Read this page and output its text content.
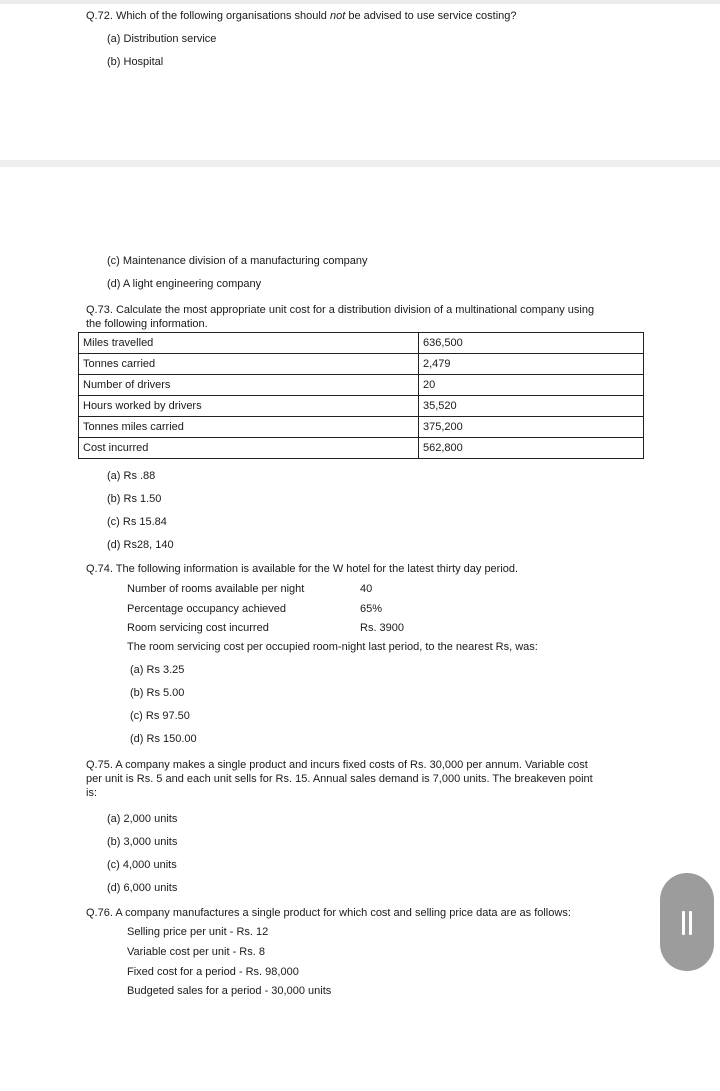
Q.72. Which of the following organisations should not be advised to use service costing?
(a) Distribution service
(b) Hospital
(c) Maintenance division of a manufacturing company
(d) A light engineering company
Q.73. Calculate the most appropriate unit cost for a distribution division of a multinational company using
the following information.
Miles travelled	636,500
Tonnes carried	2,479
Number of drivers	20
Hours worked by drivers	35,520
Tonnes miles carried	375,200
Cost incurred	562,800
(a) Rs .88
(b) Rs 1.50
(c) Rs 15.84
(d) Rs28, 140
Q.74. The following information is available for the W hotel for the latest thirty day period.
Number of rooms available per night	40
Percentage occupancy achieved	65%
Room servicing cost incurred	Rs. 3900
The room servicing cost per occupied room-night last period, to the nearest Rs, was:
(a) Rs 3.25
(b) Rs 5.00
(c) Rs 97.50
(d) Rs 150.00
Q.75. A company makes a single product and incurs fixed costs of Rs. 30,000 per annum. Variable cost
per unit is Rs. 5 and each unit sells for Rs. 15. Annual sales demand is 7,000 units. The breakeven point
is:
(a) 2,000 units
(b) 3,000 units
(c) 4,000 units
(d) 6,000 units
Q.76. A company manufactures a single product for which cost and selling price data are as follows:
Selling price per unit - Rs. 12
Variable cost per unit - Rs. 8
Fixed cost for a period - Rs. 98,000
Budgeted sales for a period - 30,000 units
